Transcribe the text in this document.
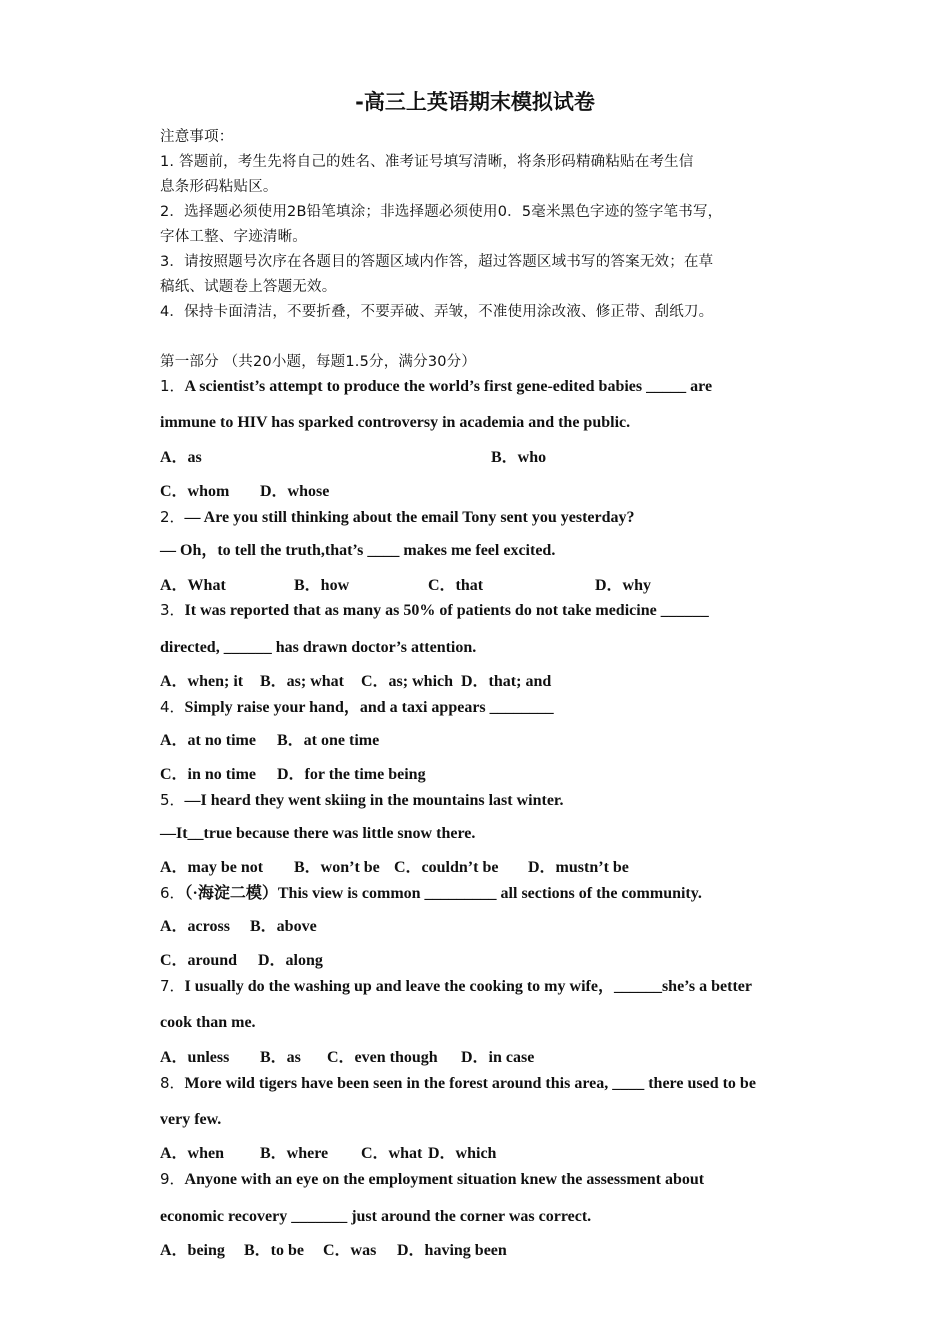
-高三上英语期末模拟试卷
注意事项：
1. 答题前，考生先将自己的姓名、准考证号填写清晰，将条形码精确粘贴在考生信
息条形码粘贴区。
2．选择题必须使用2B铅笔填涂；非选择题必须使用0．5毫米黑色字迹的签字笔书写，
字体工整、字迹清晰。
3．请按照题号次序在各题目的答题区域内作答，超过答题区域书写的答案无效；在草
稿纸、试题卷上答题无效。
4．保持卡面清洁，不要折叠，不要弄破、弄皱，不准使用涂改液、修正带、刮纸刀。
第一部分 （共20小题，每题1.5分，满分30分）
1．A scientist’s attempt to produce the world’s first gene-edited babies _____ are
immune to HIV has sparked controversy in academia and the public.
A．as	B．who
C．whom D．whose
2．— Are you still thinking about the email Tony sent you yesterday?
— Oh，to tell the truth,that’s ____ makes me feel excited.
A．What	B．how	C．that	D．why
3．It was reported that as many as 50% of patients do not take medicine ______
directed, ______ has drawn doctor’s attention.
A．when; it B．as; what C．as; which D．that; and
4．Simply raise your hand，and a taxi appears ________
A．at no time B．at one time
C．in no time D．for the time being
5．—I heard they went skiing in the mountains last winter.
—It__true because there was little snow there.
A．may be not B．won’t be C．couldn’t be D．mustn’t be
6．（·海淀二模）This view is common _________ all sections of the community.
A．across B．above
C．around D．along
7．I usually do the washing up and leave the cooking to my wife，______she’s a better
cook than me.
A．unless B．as C．even though D．in case
8．More wild tigers have been seen in the forest around this area, ____ there used to be
very few.
A．when B．where C．what D．which
9．Anyone with an eye on the employment situation knew the assessment about
economic recovery _______ just around the corner was correct.
A．being B．to be C．was D．having been
